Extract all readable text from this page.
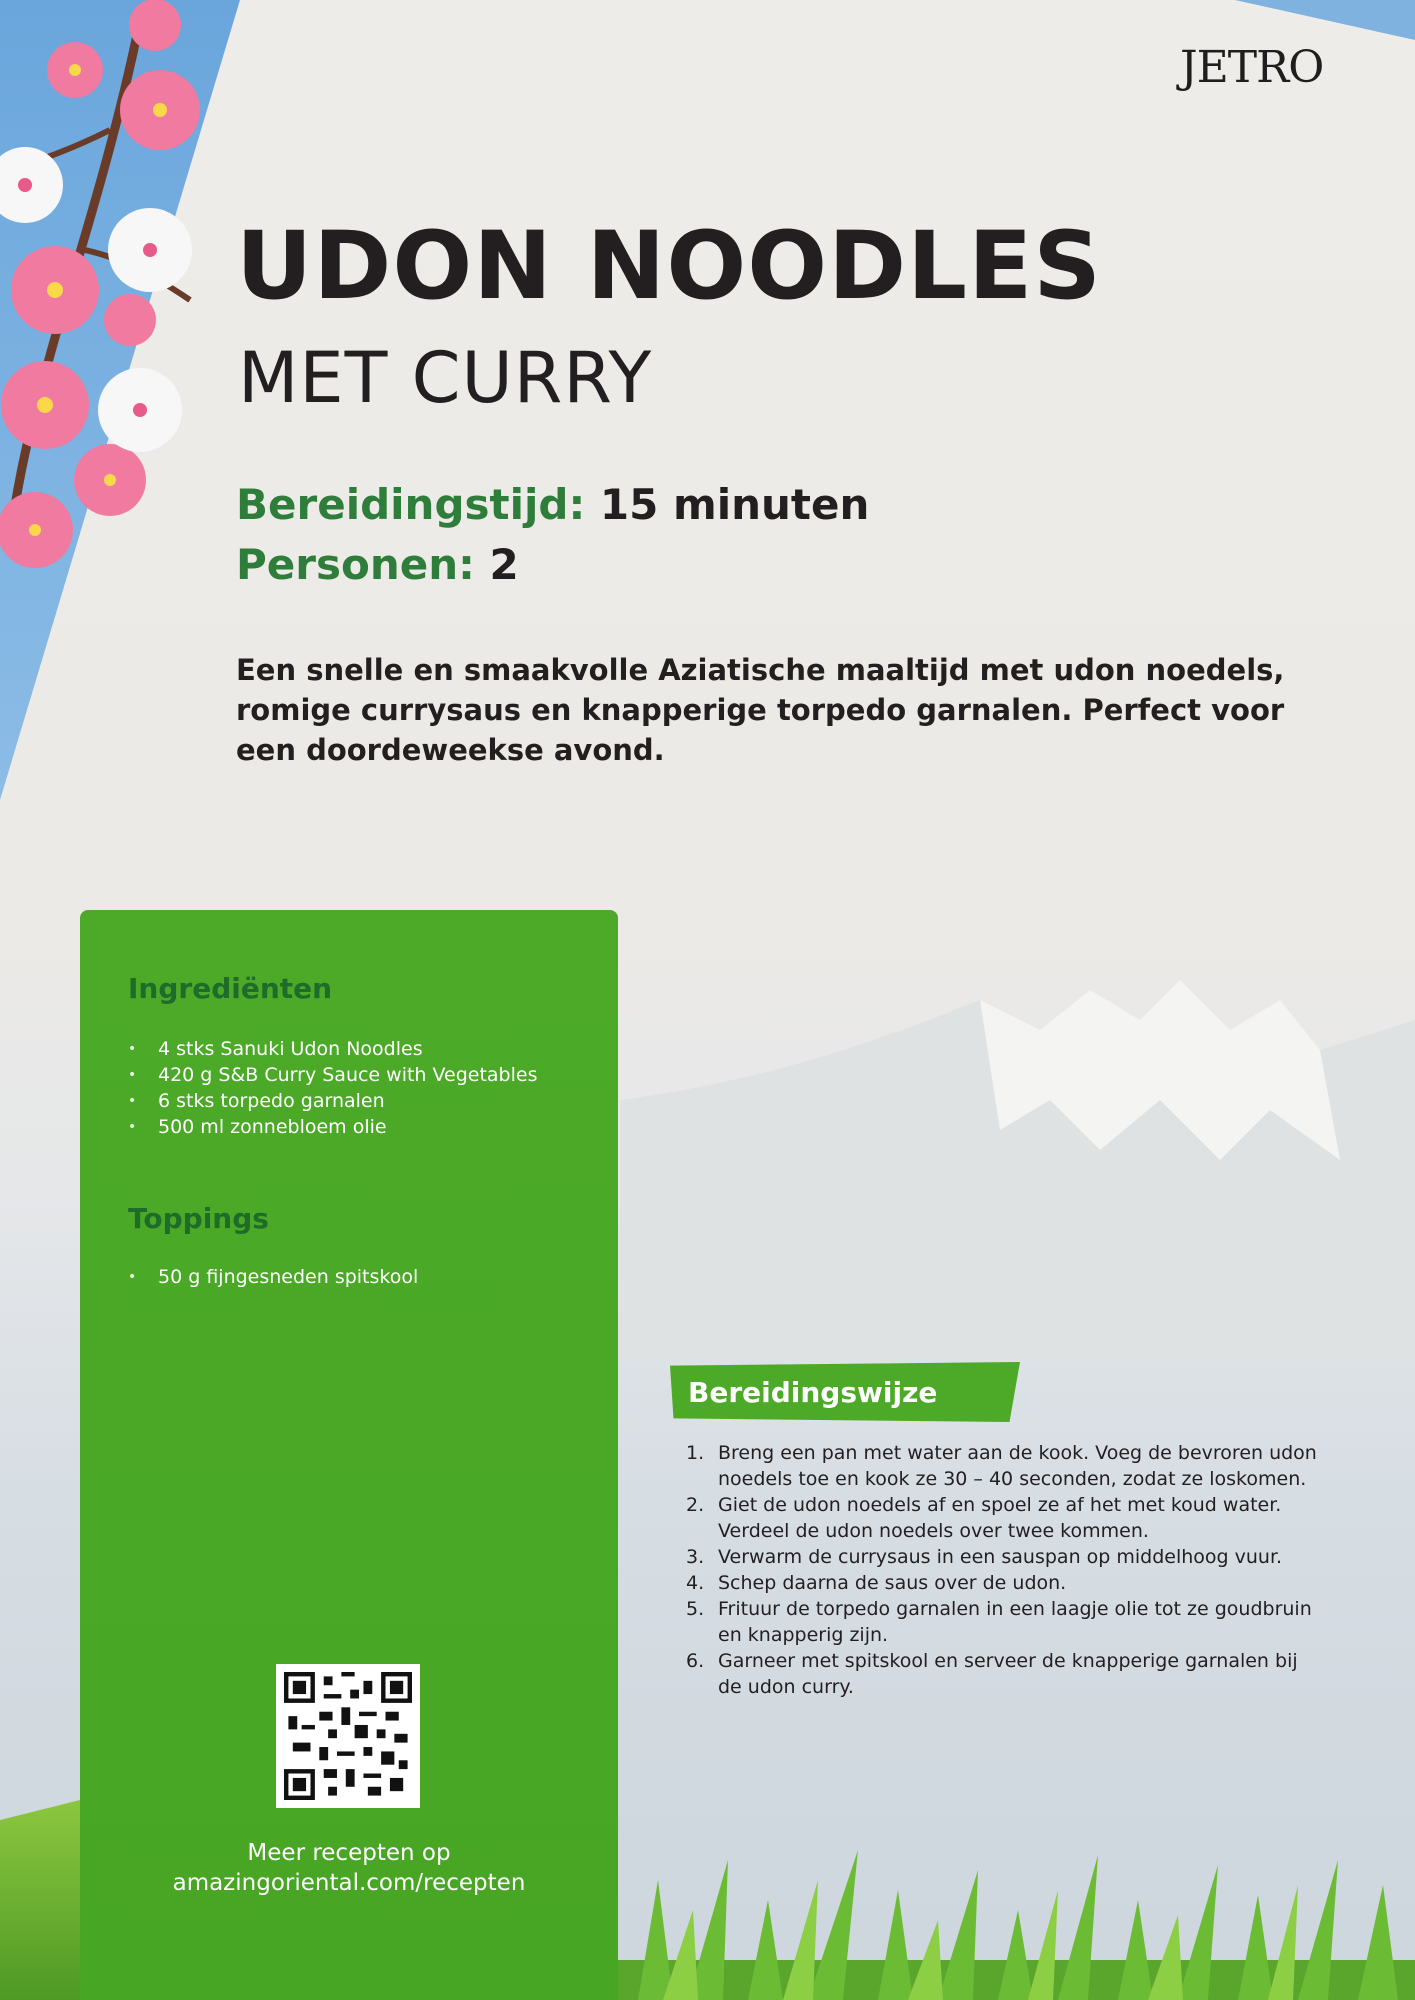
JETRO
UDON NOODLES
MET CURRY
Bereidingstijd: 15 minuten
Personen: 2

Een snelle en smaakvolle Aziatische maaltijd met udon noedels, romige currysaus en knapperige torpedo garnalen. Perfect voor een doordeweekse avond.

Ingrediënten
• 4 stks Sanuki Udon Noodles
• 420 g S&B Curry Sauce with Vegetables
• 6 stks torpedo garnalen
• 500 ml zonnebloem olie
Toppings
• 50 g fijngesneden spitskool
Meer recepten op
amazingoriental.com/recepten
Bereidingswijze
1. Breng een pan met water aan de kook. Voeg de bevroren udon noedels toe en kook ze 30 – 40 seconden, zodat ze loskomen.
2. Giet de udon noedels af en spoel ze af het met koud water. Verdeel de udon noedels over twee kommen.
3. Verwarm de currysaus in een sauspan op middelhoog vuur.
4. Schep daarna de saus over de udon.
5. Frituur de torpedo garnalen in een laagje olie tot ze goudbruin en knapperig zijn.
6. Garneer met spitskool en serveer de knapperige garnalen bij de udon curry.
